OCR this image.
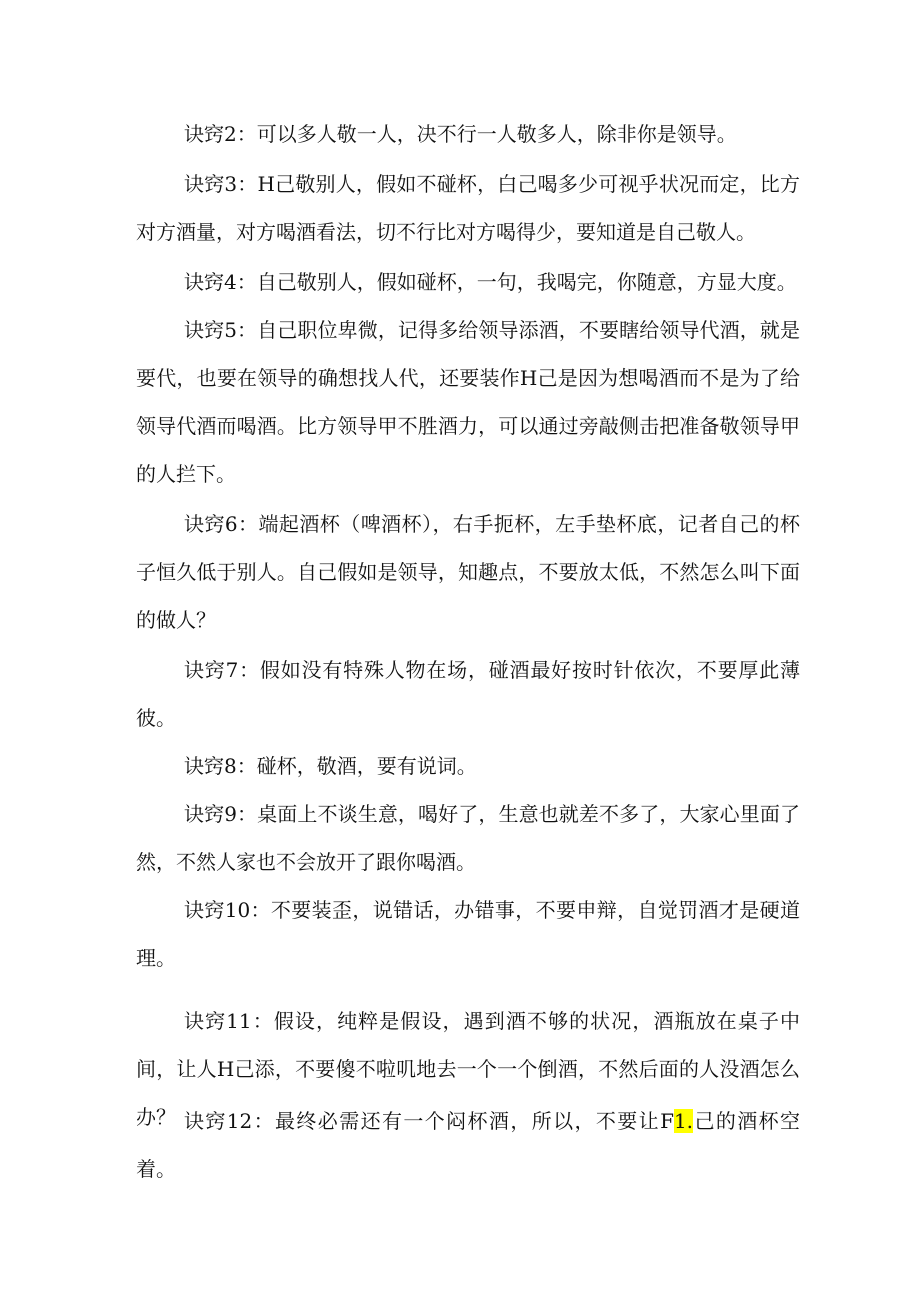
诀窍2：可以多人敬一人，决不行一人敬多人，除非你是领导。

诀窍3：H己敬别人，假如不碰杯，白己喝多少可视乎状况而定，比方对方酒量，对方喝酒看法，切不行比对方喝得少，要知道是自己敬人。

诀窍4：自己敬别人，假如碰杯，一句，我喝完，你随意，方显大度。

诀窍5：自己职位卑微，记得多给领导添酒，不要瞎给领导代酒，就是要代，也要在领导的确想找人代，还要装作H己是因为想喝酒而不是为了给领导代酒而喝酒。比方领导甲不胜酒力，可以通过旁敲侧击把准备敬领导甲的人拦下。

诀窍6：端起酒杯（啤酒杯），右手扼杯，左手垫杯底，记者自己的杯子恒久低于别人。自己假如是领导，知趣点，不要放太低，不然怎么叫下面的做人？

诀窍7：假如没有特殊人物在场，碰酒最好按时针依次，不要厚此薄彼。

诀窍8：碰杯，敬酒，要有说词。

诀窍9：桌面上不谈生意，喝好了，生意也就差不多了，大家心里面了然，不然人家也不会放开了跟你喝酒。

诀窍10：不要装歪，说错话，办错事，不要申辩，自觉罚酒才是硬道理。

诀窍11：假设，纯粹是假设，遇到酒不够的状况，酒瓶放在桌子中间，让人H己添，不要傻不啦叽地去一个一个倒酒，不然后面的人没酒怎么办？ 诀窍12：最终必需还有一个闷杯酒，所以，不要让F1.己的酒杯空着。
